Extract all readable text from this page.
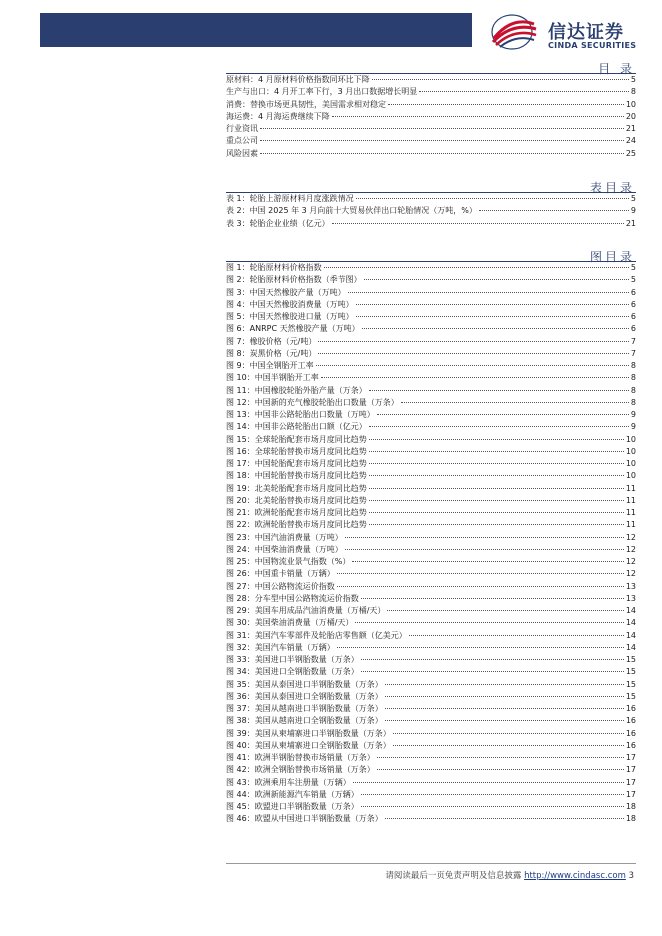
信达证券
CINDA SECURITIES
目 录
原材料：4 月原材料价格指数同环比下降	5
生产与出口：4 月开工率下行，3 月出口数据增长明显	8
消费：替换市场更具韧性，美国需求相对稳定	10
海运费：4 月海运费继续下降	20
行业资讯	21
重点公司	24
风险因素	25
表目录
表 1：轮胎上游原材料月度涨跌情况	5
表 2：中国 2025 年 3 月向前十大贸易伙伴出口轮胎情况（万吨，%）	9
表 3：轮胎企业业绩（亿元）	21
图目录
图 1：轮胎原材料价格指数	5
图 2：轮胎原材料价格指数（季节图）	5
图 3：中国天然橡胶产量（万吨）	6
图 4：中国天然橡胶消费量（万吨）	6
图 5：中国天然橡胶进口量（万吨）	6
图 6：ANRPC 天然橡胶产量（万吨）	6
图 7：橡胶价格（元/吨）	7
图 8：炭黑价格（元/吨）	7
图 9：中国全钢胎开工率	8
图 10：中国半钢胎开工率	8
图 11：中国橡胶轮胎外胎产量（万条）	8
图 12：中国新的充气橡胶轮胎出口数量（万条）	8
图 13：中国非公路轮胎出口数量（万吨）	9
图 14：中国非公路轮胎出口额（亿元）	9
图 15：全球轮胎配套市场月度同比趋势	10
图 16：全球轮胎替换市场月度同比趋势	10
图 17：中国轮胎配套市场月度同比趋势	10
图 18：中国轮胎替换市场月度同比趋势	10
图 19：北美轮胎配套市场月度同比趋势	11
图 20：北美轮胎替换市场月度同比趋势	11
图 21：欧洲轮胎配套市场月度同比趋势	11
图 22：欧洲轮胎替换市场月度同比趋势	11
图 23：中国汽油消费量（万吨）	12
图 24：中国柴油消费量（万吨）	12
图 25：中国物流业景气指数（%）	12
图 26：中国重卡销量（万辆）	12
图 27：中国公路物流运价指数	13
图 28：分车型中国公路物流运价指数	13
图 29：美国车用成品汽油消费量（万桶/天）	14
图 30：美国柴油消费量（万桶/天）	14
图 31：美国汽车零部件及轮胎店零售额（亿美元）	14
图 32：美国汽车销量（万辆）	14
图 33：美国进口半钢胎数量（万条）	15
图 34：美国进口全钢胎数量（万条）	15
图 35：美国从泰国进口半钢胎数量（万条）	15
图 36：美国从泰国进口全钢胎数量（万条）	15
图 37：美国从越南进口半钢胎数量（万条）	16
图 38：美国从越南进口全钢胎数量（万条）	16
图 39：美国从柬埔寨进口半钢胎数量（万条）	16
图 40：美国从柬埔寨进口全钢胎数量（万条）	16
图 41：欧洲半钢胎替换市场销量（万条）	17
图 42：欧洲全钢胎替换市场销量（万条）	17
图 43：欧洲乘用车注册量（万辆）	17
图 44：欧洲新能源汽车销量（万辆）	17
图 45：欧盟进口半钢胎数量（万条）	18
图 46：欧盟从中国进口半钢胎数量（万条）	18
请阅读最后一页免责声明及信息披露 http://www.cindasc.com 3
